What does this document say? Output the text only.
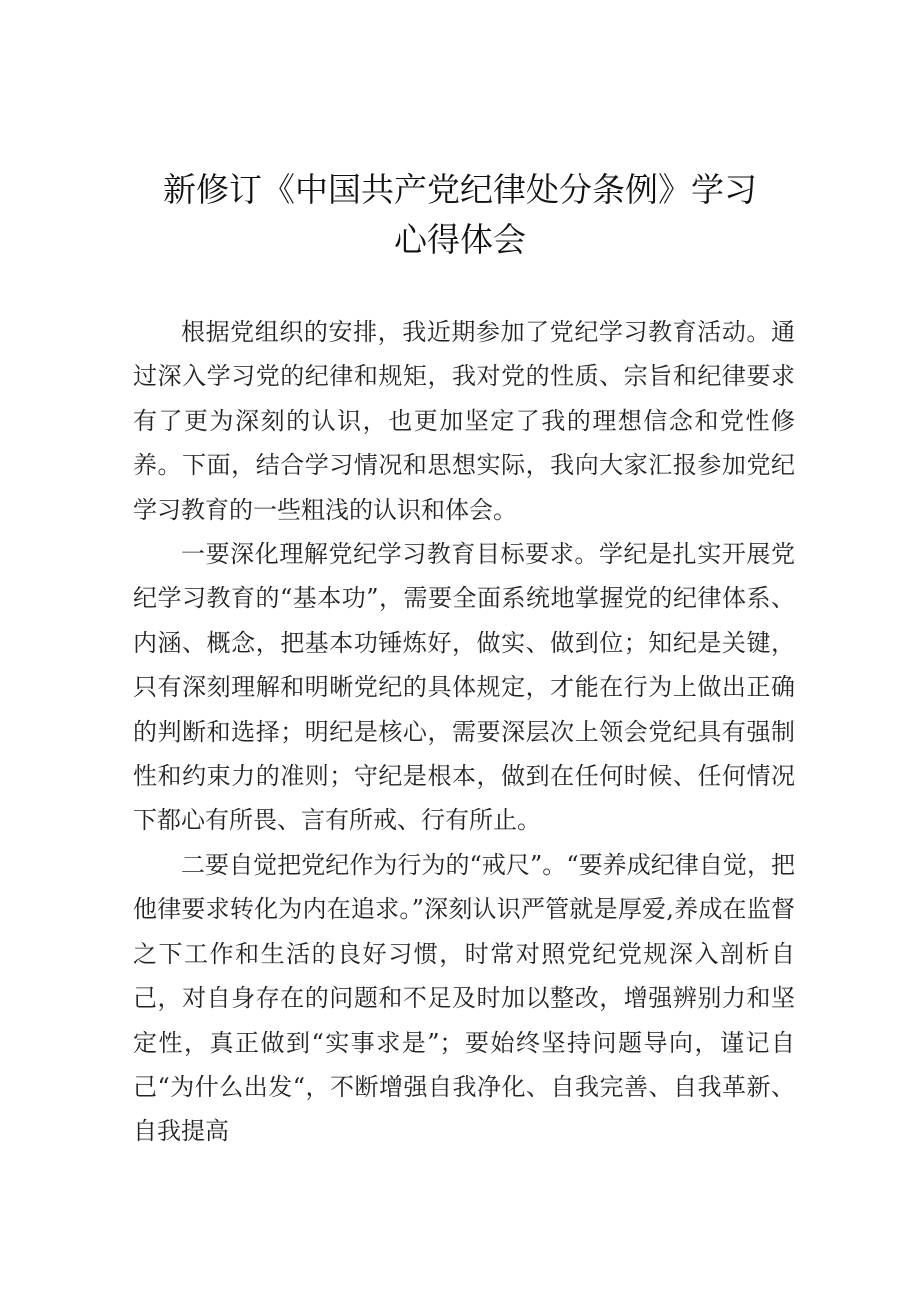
新修订《中国共产党纪律处分条例》学习
心得体会

根据党组织的安排，我近期参加了党纪学习教育活动。通过深入学习党的纪律和规矩，我对党的性质、宗旨和纪律要求有了更为深刻的认识，也更加坚定了我的理想信念和党性修养。下面，结合学习情况和思想实际，我向大家汇报参加党纪学习教育的一些粗浅的认识和体会。

一要深化理解党纪学习教育目标要求。学纪是扎实开展党纪学习教育的“基本功”，需要全面系统地掌握党的纪律体系、内涵、概念，把基本功锤炼好，做实、做到位；知纪是关键，只有深刻理解和明晰党纪的具体规定，才能在行为上做出正确的判断和选择；明纪是核心，需要深层次上领会党纪具有强制性和约束力的准则；守纪是根本，做到在任何时候、任何情况下都心有所畏、言有所戒、行有所止。

二要自觉把党纪作为行为的“戒尺”。“要养成纪律自觉，把他律要求转化为内在追求。”深刻认识严管就是厚爱,养成在监督之下工作和生活的良好习惯，时常对照党纪党规深入剖析自己，对自身存在的问题和不足及时加以整改，增强辨别力和坚定性，真正做到“实事求是”；要始终坚持问题导向，谨记自己“为什么出发“，不断增强自我净化、自我完善、自我革新、自我提高
